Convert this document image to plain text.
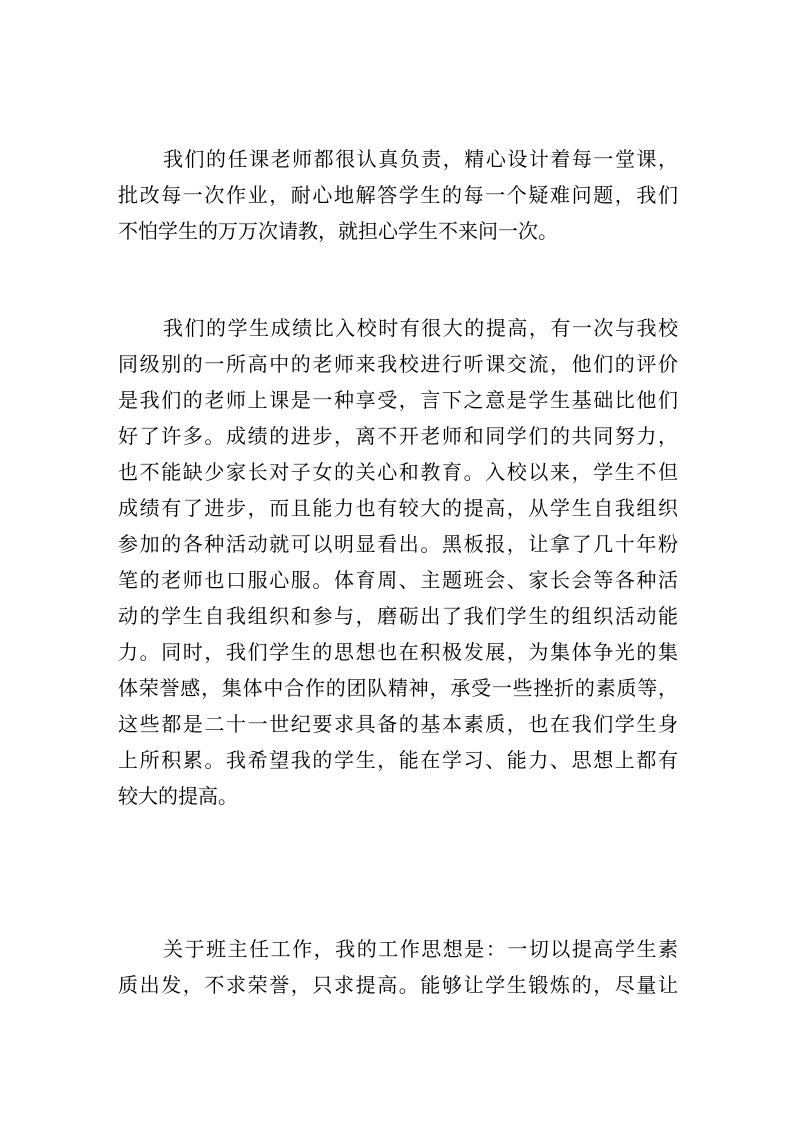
我们的任课老师都很认真负责，精心设计着每一堂课，
批改每一次作业，耐心地解答学生的每一个疑难问题，我们
不怕学生的万万次请教，就担心学生不来问一次。
我们的学生成绩比入校时有很大的提高，有一次与我校
同级别的一所高中的老师来我校进行听课交流，他们的评价
是我们的老师上课是一种享受，言下之意是学生基础比他们
好了许多。成绩的进步，离不开老师和同学们的共同努力，
也不能缺少家长对子女的关心和教育。入校以来，学生不但
成绩有了进步，而且能力也有较大的提高，从学生自我组织
参加的各种活动就可以明显看出。黑板报，让拿了几十年粉
笔的老师也口服心服。体育周、主题班会、家长会等各种活
动的学生自我组织和参与，磨砺出了我们学生的组织活动能
力。同时，我们学生的思想也在积极发展，为集体争光的集
体荣誉感，集体中合作的团队精神，承受一些挫折的素质等，
这些都是二十一世纪要求具备的基本素质，也在我们学生身
上所积累。我希望我的学生，能在学习、能力、思想上都有
较大的提高。
关于班主任工作，我的工作思想是：一切以提高学生素
质出发，不求荣誉，只求提高。能够让学生锻炼的，尽量让
